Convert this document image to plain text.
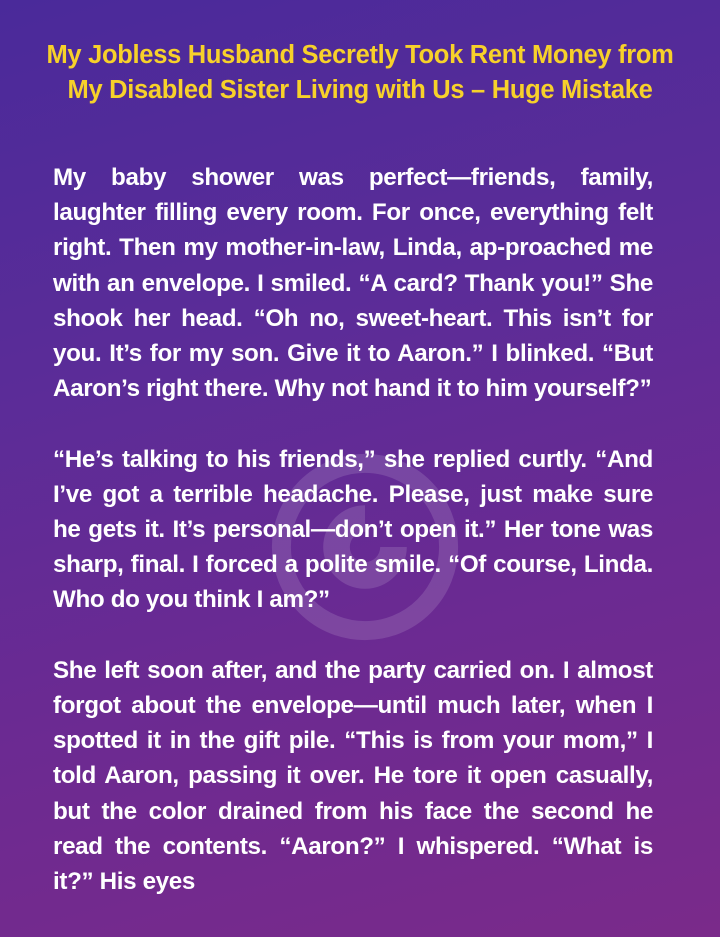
My Jobless Husband Secretly Took Rent Money from My Disabled Sister Living with Us – Huge Mistake

My baby shower was perfect—friends, family, laughter filling every room. For once, everything felt right. Then my mother-in-law, Linda, ap-proached me with an envelope. I smiled. “A card? Thank you!” She shook her head. “Oh no, sweet-heart. This isn’t for you. It’s for my son. Give it to Aaron.” I blinked. “But Aaron’s right there. Why not hand it to him yourself?”

“He’s talking to his friends,” she replied curtly. “And I’ve got a terrible headache. Please, just make sure he gets it. It’s personal—don’t open it.” Her tone was sharp, final. I forced a polite smile. “Of course, Linda. Who do you think I am?”

She left soon after, and the party carried on. I almost forgot about the envelope—until much later, when I spotted it in the gift pile. “This is from your mom,” I told Aaron, passing it over. He tore it open casually, but the color drained from his face the second he read the contents. “Aaron?” I whispered. “What is it?” His eyes
